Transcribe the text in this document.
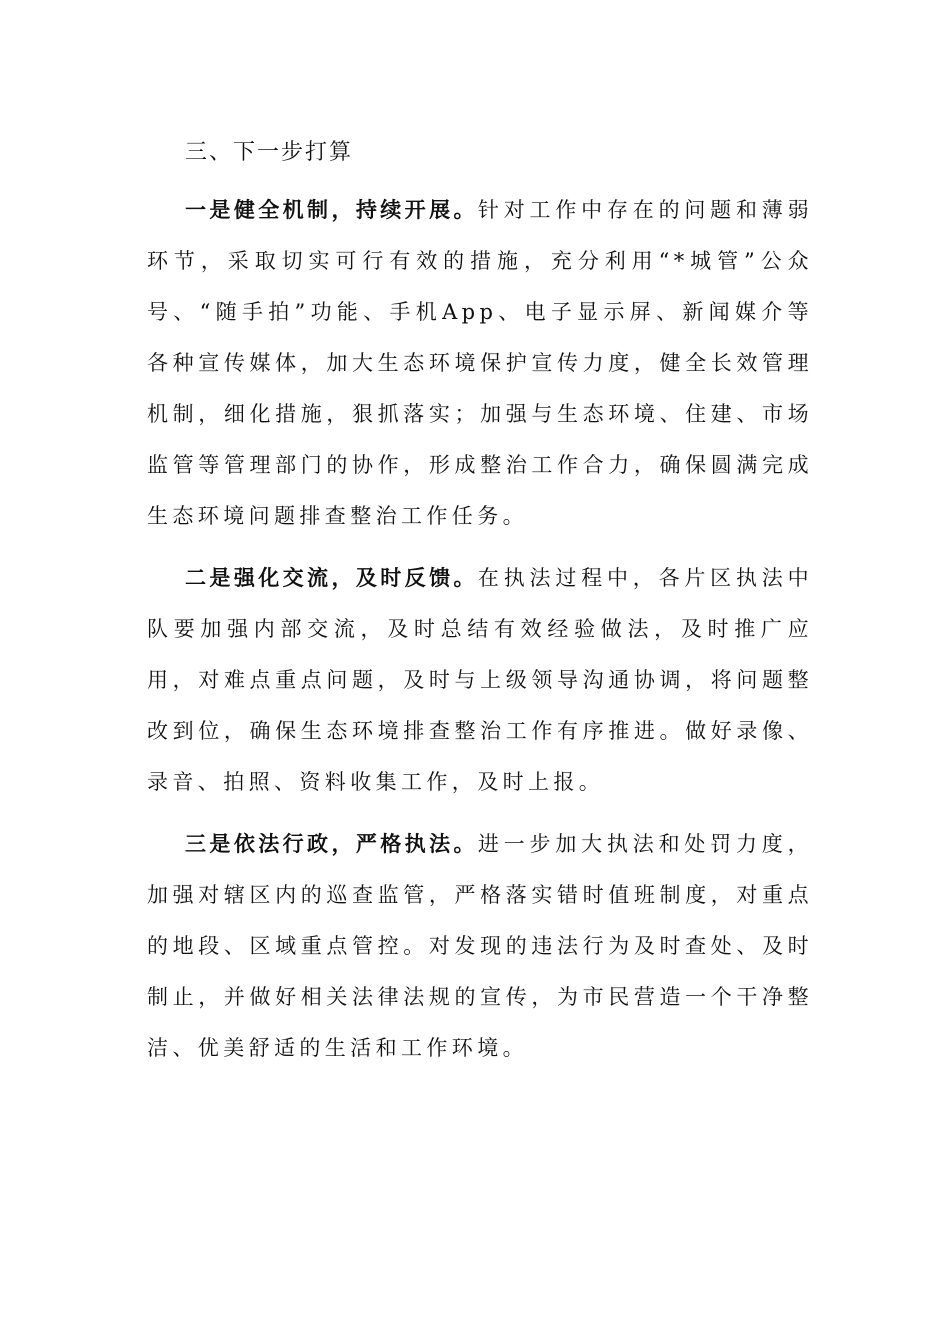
三、下一步打算

一是健全机制，持续开展。针对工作中存在的问题和薄弱环节，采取切实可行有效的措施，充分利用“*城管”公众号、“随手拍”功能、手机App、电子显示屏、新闻媒介等各种宣传媒体，加大生态环境保护宣传力度，健全长效管理机制，细化措施，狠抓落实；加强与生态环境、住建、市场监管等管理部门的协作，形成整治工作合力，确保圆满完成生态环境问题排查整治工作任务。

二是强化交流，及时反馈。在执法过程中，各片区执法中队要加强内部交流，及时总结有效经验做法，及时推广应用，对难点重点问题，及时与上级领导沟通协调，将问题整改到位，确保生态环境排查整治工作有序推进。做好录像、录音、拍照、资料收集工作，及时上报。

三是依法行政，严格执法。进一步加大执法和处罚力度，加强对辖区内的巡查监管，严格落实错时值班制度，对重点的地段、区域重点管控。对发现的违法行为及时查处、及时制止，并做好相关法律法规的宣传，为市民营造一个干净整洁、优美舒适的生活和工作环境。
